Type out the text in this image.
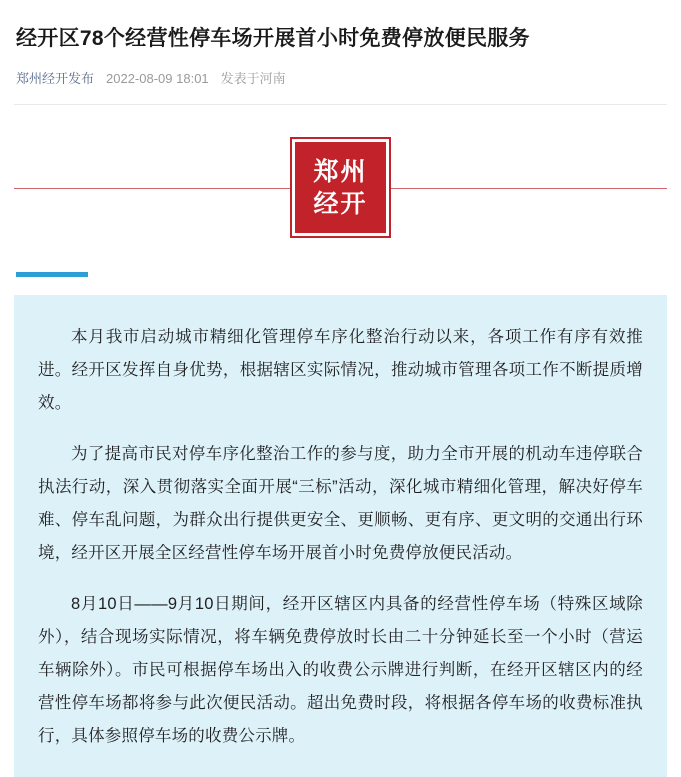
经开区78个经营性停车场开展首小时免费停放便民服务
郑州经开发布 2022-08-09 18:01 发表于河南
郑州
经开

本月我市启动城市精细化管理停车序化整治行动以来，各项工作有序有效推进。经开区发挥自身优势，根据辖区实际情况，推动城市管理各项工作不断提质增效。

为了提高市民对停车序化整治工作的参与度，助力全市开展的机动车违停联合执法行动，深入贯彻落实全面开展“三标”活动，深化城市精细化管理，解决好停车难、停车乱问题，为群众出行提供更安全、更顺畅、更有序、更文明的交通出行环境，经开区开展全区经营性停车场开展首小时免费停放便民活动。

8月10日——9月10日期间，经开区辖区内具备的经营性停车场（特殊区域除外），结合现场实际情况，将车辆免费停放时长由二十分钟延长至一个小时（营运车辆除外）。市民可根据停车场出入的收费公示牌进行判断，在经开区辖区内的经营性停车场都将参与此次便民活动。超出免费时段，将根据各停车场的收费标准执行，具体参照停车场的收费公示牌。
